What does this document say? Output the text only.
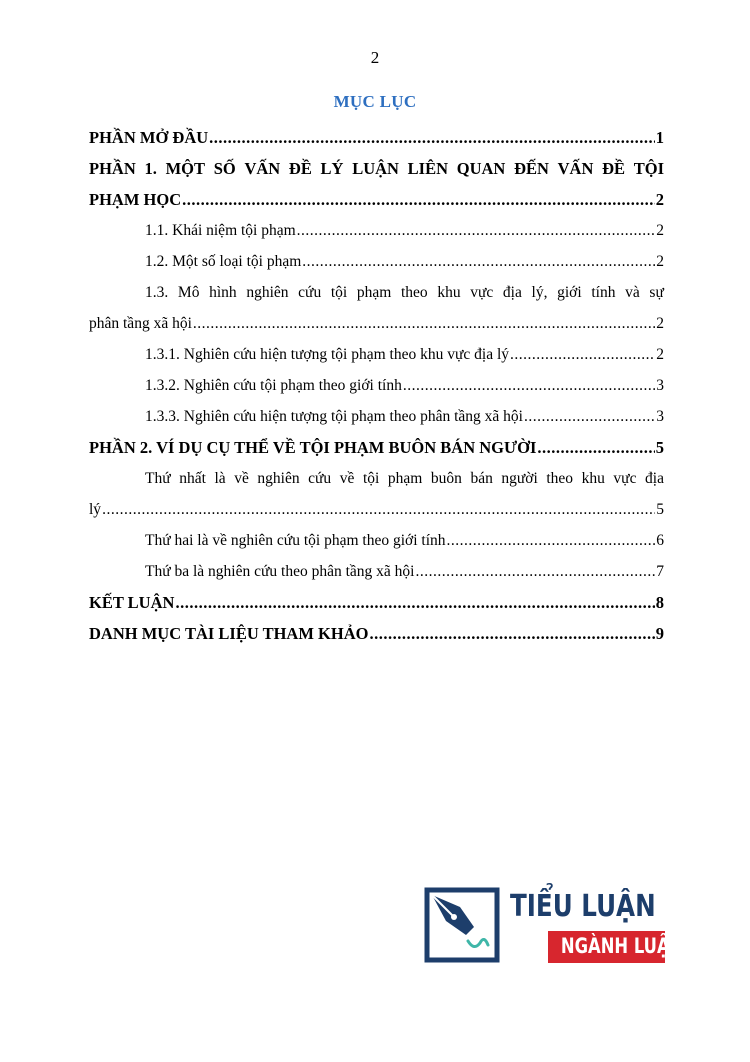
2
MỤC LỤC
PHẦN MỞ ĐẦU .....	1
PHẦN 1. MỘT SỐ VẤN ĐỀ LÝ LUẬN LIÊN QUAN ĐẾN VẤN ĐỀ TỘI
PHẠM HỌC .....	2
1.1. Khái niệm tội phạm .....	2
1.2. Một số loại tội phạm .....	2
1.3. Mô hình nghiên cứu tội phạm theo khu vực địa lý, giới tính và sự
phân tầng xã hội .....	2
1.3.1. Nghiên cứu hiện tượng tội phạm theo khu vực địa lý .....	2
1.3.2. Nghiên cứu tội phạm theo giới tính .....	3
1.3.3. Nghiên cứu hiện tượng tội phạm theo phân tầng xã hội .....	3
PHẦN 2. VÍ DỤ CỤ THỂ VỀ TỘI PHẠM BUÔN BÁN NGƯỜI .....	5
Thứ nhất là về nghiên cứu về tội phạm buôn bán người theo khu vực địa
lý .....	5
Thứ hai là về nghiên cứu tội phạm theo giới tính .....	6
Thứ ba là nghiên cứu theo phân tầng xã hội .....	7
KẾT LUẬN .....	8
DANH MỤC TÀI LIỆU THAM KHẢO .....	9
TIỂU LUẬN
NGÀNH LUẬT
